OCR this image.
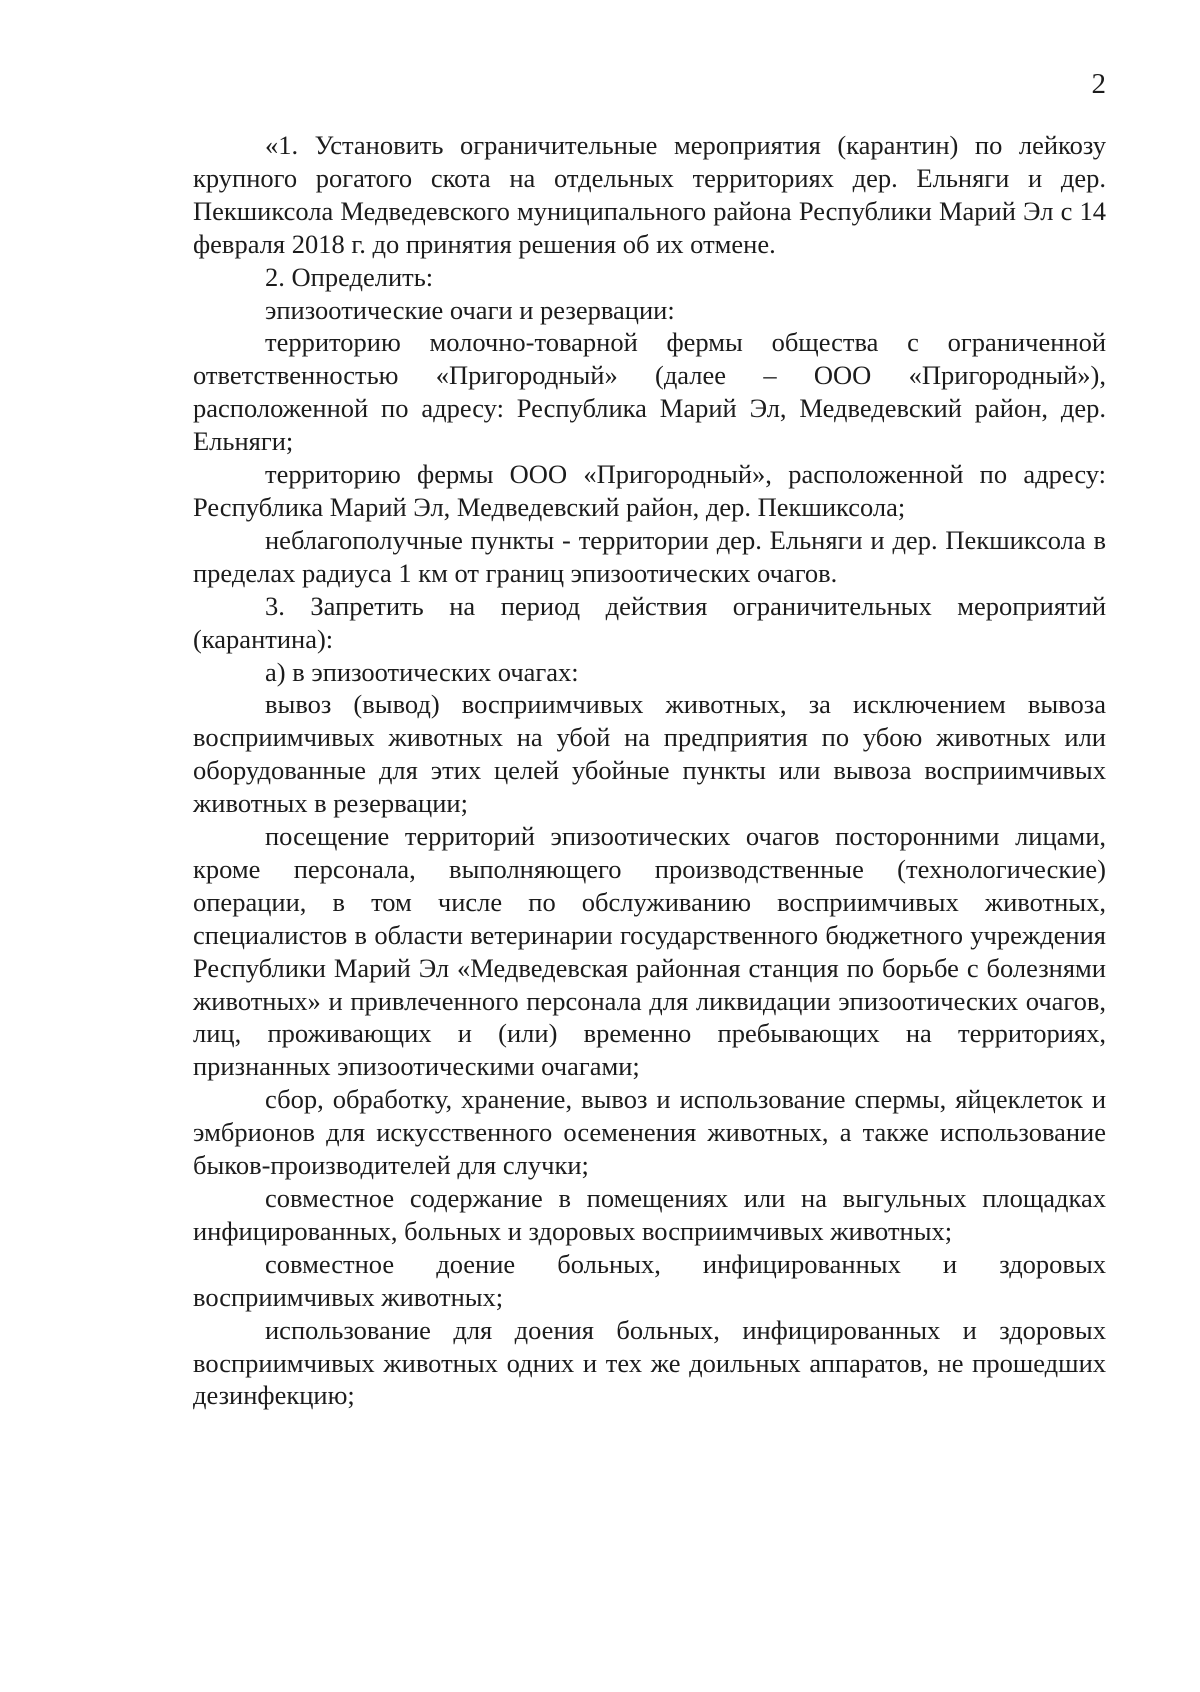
2

«1. Установить ограничительные мероприятия (карантин) по лейкозу крупного рогатого скота на отдельных территориях дер. Ельняги и дер. Пекшиксола Медведевского муниципального района Республики Марий Эл с 14 февраля 2018 г. до принятия решения об их отмене.

2. Определить:

эпизоотические очаги и резервации:

территорию молочно-товарной фермы общества с ограниченной ответственностью «Пригородный» (далее – ООО «Пригородный»), расположенной по адресу: Республика Марий Эл, Медведевский район, дер. Ельняги;

территорию фермы ООО «Пригородный», расположенной по адресу: Республика Марий Эл, Медведевский район, дер. Пекшиксола;

неблагополучные пункты - территории дер. Ельняги и дер. Пекшиксола в пределах радиуса 1 км от границ эпизоотических очагов.

3. Запретить на период действия ограничительных мероприятий (карантина):

а) в эпизоотических очагах:

вывоз (вывод) восприимчивых животных, за исключением вывоза восприимчивых животных на убой на предприятия по убою животных или оборудованные для этих целей убойные пункты или вывоза восприимчивых животных в резервации;

посещение территорий эпизоотических очагов посторонними лицами, кроме персонала, выполняющего производственные (технологические) операции, в том числе по обслуживанию восприимчивых животных, специалистов в области ветеринарии государственного бюджетного учреждения Республики Марий Эл «Медведевская районная станция по борьбе с болезнями животных» и привлеченного персонала для ликвидации эпизоотических очагов, лиц, проживающих и (или) временно пребывающих на территориях, признанных эпизоотическими очагами;

сбор, обработку, хранение, вывоз и использование спермы, яйцеклеток и эмбрионов для искусственного осеменения животных, а также использование быков-производителей для случки;

совместное содержание в помещениях или на выгульных площадках инфицированных, больных и здоровых восприимчивых животных;

совместное доение больных, инфицированных и здоровых восприимчивых животных;

использование для доения больных, инфицированных и здоровых восприимчивых животных одних и тех же доильных аппаратов, не прошедших дезинфекцию;
